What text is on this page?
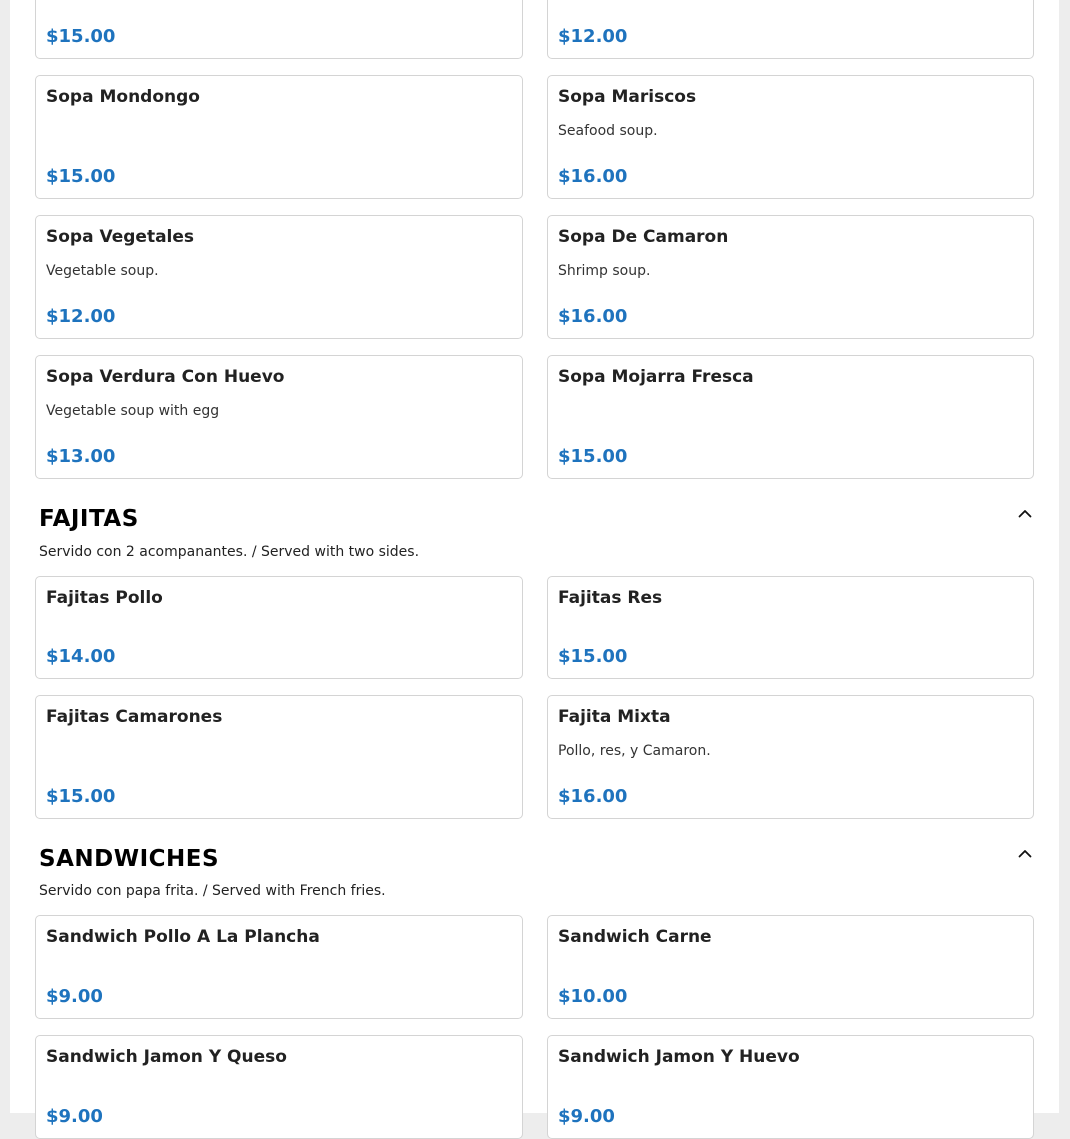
$15.00	$12.00
Sopa Mondongo
$15.00
Sopa Mariscos
Seafood soup.
$16.00
Sopa Vegetales
Vegetable soup.
$12.00
Sopa De Camaron
Shrimp soup.
$16.00
Sopa Verdura Con Huevo
Vegetable soup with egg
$13.00
Sopa Mojarra Fresca
$15.00
FAJITAS
Servido con 2 acompanantes. / Served with two sides.
Fajitas Pollo
$14.00
Fajitas Res
$15.00
Fajitas Camarones
$15.00
Fajita Mixta
Pollo, res, y Camaron.
$16.00
SANDWICHES
Servido con papa frita. / Served with French fries.
Sandwich Pollo A La Plancha
$9.00
Sandwich Carne
$10.00
Sandwich Jamon Y Queso
$9.00
Sandwich Jamon Y Huevo
$9.00
